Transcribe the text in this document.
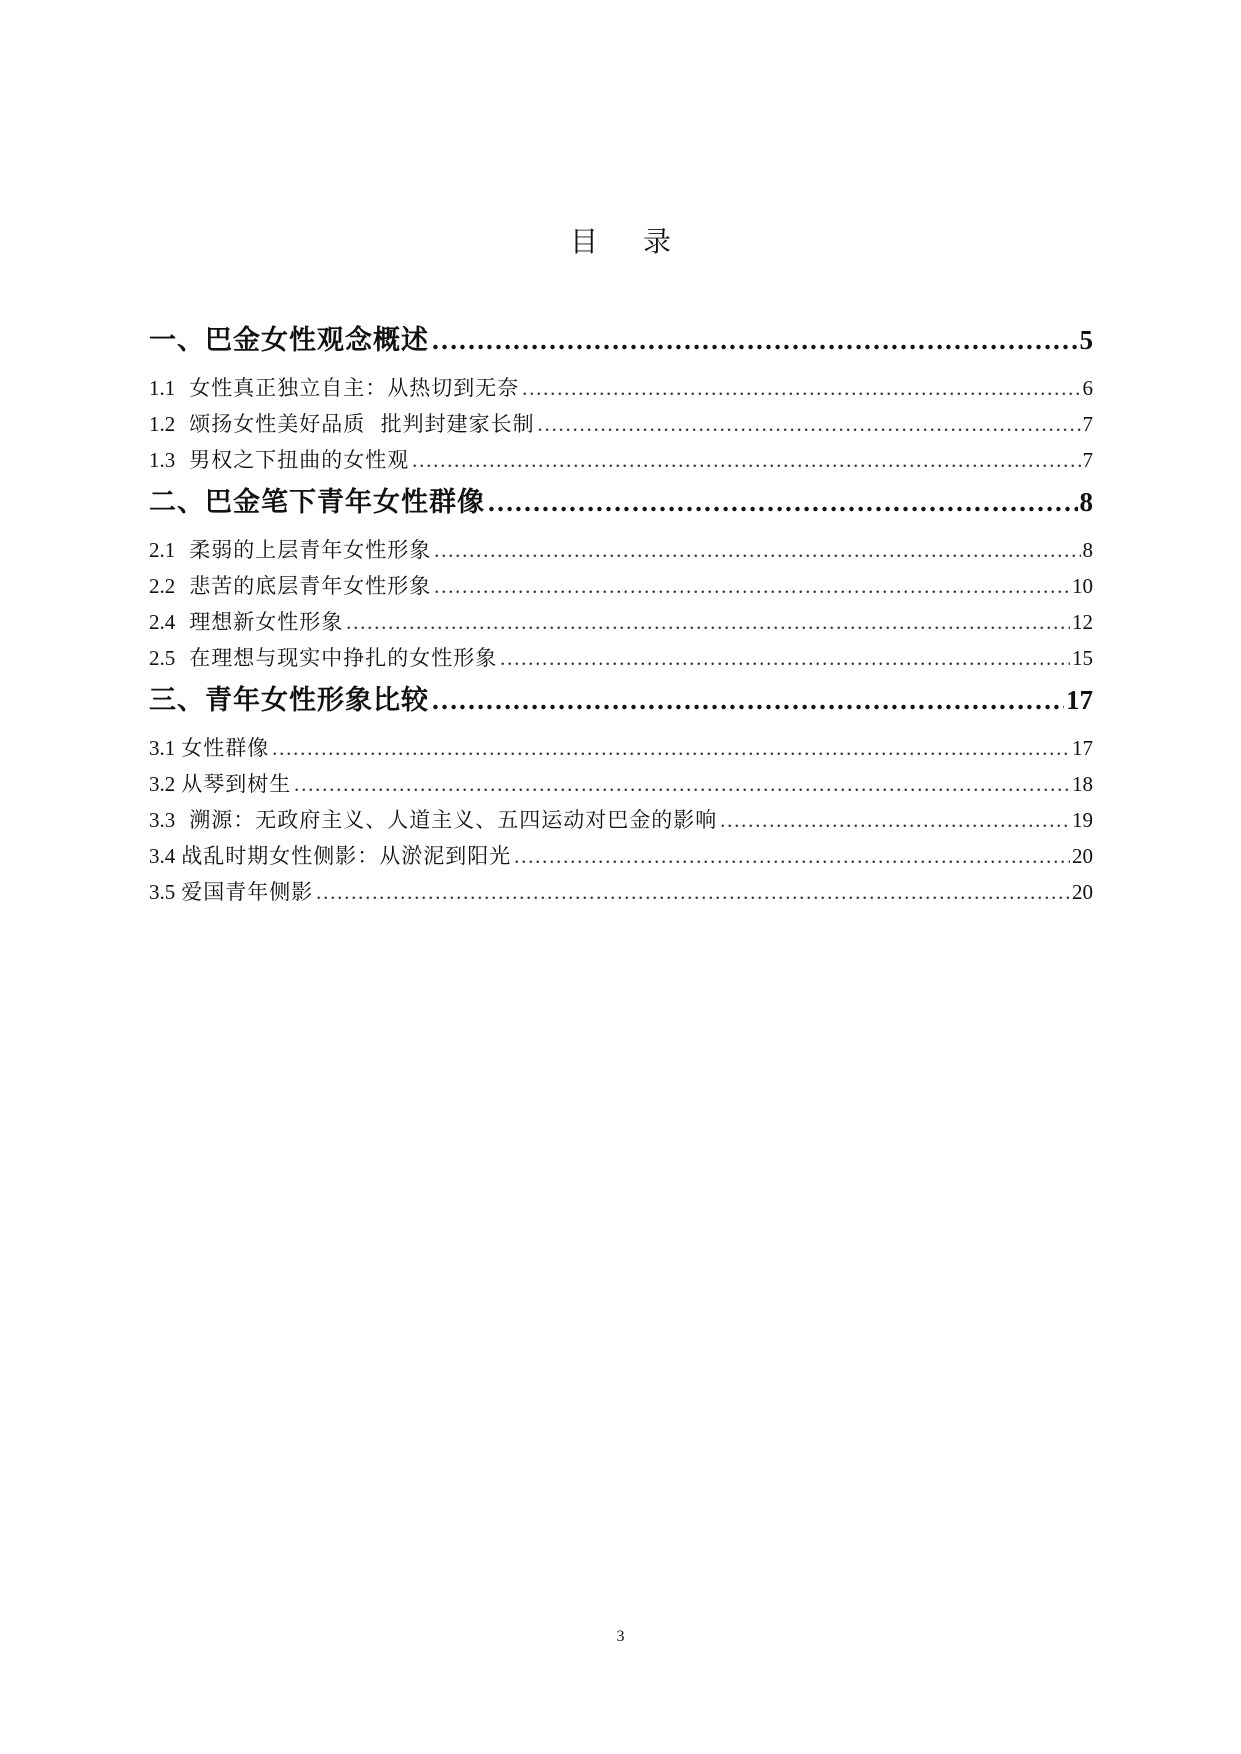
目 录
一、巴金女性观念概述 ……………………………………………………………………………………………………………………………………………………………………………………………………………………	5
1.1 女性真正独立自主：从热切到无奈 ……………………………………………………………………………………………………………………………………………………………………………………………………………………	6
1.2 颂扬女性美好品质  批判封建家长制 ……………………………………………………………………………………………………………………………………………………………………………………………………………………	7
1.3 男权之下扭曲的女性观 ……………………………………………………………………………………………………………………………………………………………………………………………………………………	7
二、巴金笔下青年女性群像 ……………………………………………………………………………………………………………………………………………………………………………………………………………………	8
2.1 柔弱的上层青年女性形象 ……………………………………………………………………………………………………………………………………………………………………………………………………………………	8
2.2 悲苦的底层青年女性形象 ……………………………………………………………………………………………………………………………………………………………………………………………………………………	10
2.4 理想新女性形象 ……………………………………………………………………………………………………………………………………………………………………………………………………………………	12
2.5 在理想与现实中挣扎的女性形象 ……………………………………………………………………………………………………………………………………………………………………………………………………………………	15
三、青年女性形象比较 ……………………………………………………………………………………………………………………………………………………………………………………………………………………	17
3.1 女性群像 ……………………………………………………………………………………………………………………………………………………………………………………………………………………	17
3.2 从琴到树生 ……………………………………………………………………………………………………………………………………………………………………………………………………………………	18
3.3 溯源：无政府主义、人道主义、五四运动对巴金的影响 ……………………………………………………………………………………………………………………………………………………………………………………………………………………	19
3.4 战乱时期女性侧影：从淤泥到阳光 ……………………………………………………………………………………………………………………………………………………………………………………………………………………	20
3.5 爱国青年侧影 ……………………………………………………………………………………………………………………………………………………………………………………………………………………	20
3
